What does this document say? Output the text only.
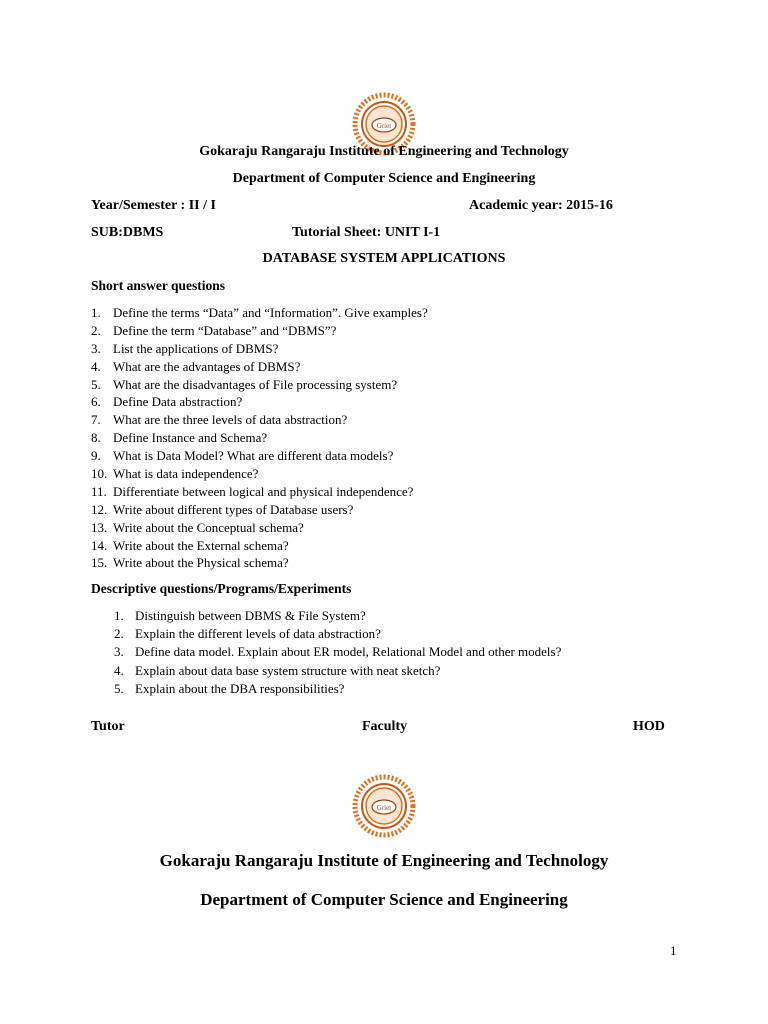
Griet
Gokaraju Rangaraju Institute of Engineering and Technology
Department of Computer Science and Engineering
Year/Semester : II / I	Academic year: 2015-16
SUB:DBMS	Tutorial Sheet: UNIT I-1
DATABASE SYSTEM APPLICATIONS
Short answer questions
1. Define the terms “Data” and “Information”. Give examples?
2. Define the term “Database” and “DBMS”?
3. List the applications of DBMS?
4. What are the advantages of DBMS?
5. What are the disadvantages of File processing system?
6. Define Data abstraction?
7. What are the three levels of data abstraction?
8. Define Instance and Schema?
9. What is Data Model? What are different data models?
10. What is data independence?
11. Differentiate between logical and physical independence?
12. Write about different types of Database users?
13. Write about the Conceptual schema?
14. Write about the External schema?
15. Write about the Physical schema?
Descriptive questions/Programs/Experiments
1. Distinguish between DBMS & File System?
2. Explain the different levels of data abstraction?
3. Define data model. Explain about ER model, Relational Model and other models?
4. Explain about data base system structure with neat sketch?
5. Explain about the DBA responsibilities?
Tutor	Faculty	HOD
Griet
Gokaraju Rangaraju Institute of Engineering and Technology
Department of Computer Science and Engineering
1
